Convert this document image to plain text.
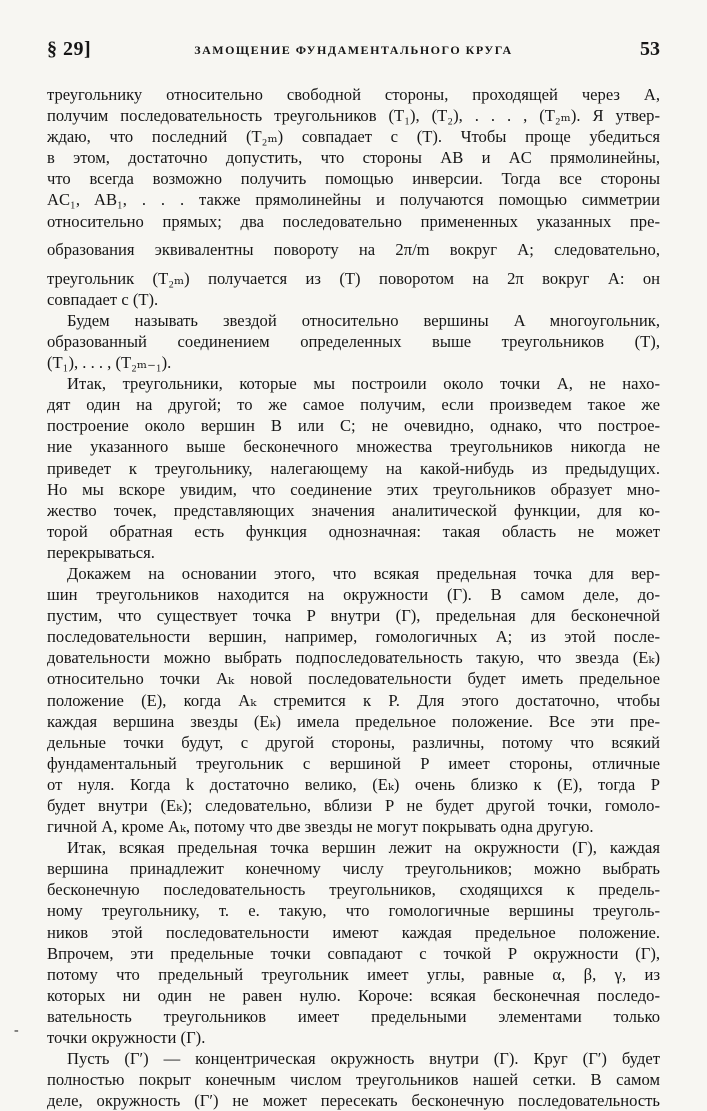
§ 29]	ЗАМОЩЕНИЕ ФУНДАМЕНТАЛЬНОГО КРУГА	53
треугольнику относительно свободной стороны, проходящей через A,
получим последовательность треугольников (T₁), (T₂), . . . , (T₂ₘ). Я утвер-
ждаю, что последний (T₂ₘ) совпадает с (T). Чтобы проще убедиться
в этом, достаточно допустить, что стороны AB и AC прямолинейны,
что всегда возможно получить помощью инверсии. Тогда все стороны
AC₁, AB₁, . . . также прямолинейны и получаются помощью симметрии
относительно прямых; два последовательно примененных указанных пре-
образования эквивалентны повороту на 2π/m вокруг A; следовательно,
треугольник (T₂ₘ) получается из (T) поворотом на 2π вокруг A: он
совпадает с (T).
Будем называть звездой относительно вершины A многоугольник,
образованный соединением определенных выше треугольников (T),
(T₁), . . . , (T₂ₘ₋₁).
Итак, треугольники, которые мы построили около точки A, не нахо-
дят один на другой; то же самое получим, если произведем такое же
построение около вершин B или C; не очевидно, однако, что построе-
ние указанного выше бесконечного множества треугольников никогда не
приведет к треугольнику, налегающему на какой-нибудь из предыдущих.
Но мы вскоре увидим, что соединение этих треугольников образует мно-
жество точек, представляющих значения аналитической функции, для ко-
торой обратная есть функция однозначная: такая область не может
перекрываться.
Докажем на основании этого, что всякая предельная точка для вер-
шин треугольников находится на окружности (Γ). В самом деле, до-
пустим, что существует точка P внутри (Γ), предельная для бесконечной
последовательности вершин, например, гомологичных A; из этой после-
довательности можно выбрать подпоследовательность такую, что звезда (Eₖ)
относительно точки Aₖ новой последовательности будет иметь предельное
положение (E), когда Aₖ стремится к P. Для этого достаточно, чтобы
каждая вершина звезды (Eₖ) имела предельное положение. Все эти пре-
дельные точки будут, с другой стороны, различны, потому что всякий
фундаментальный треугольник с вершиной P имеет стороны, отличные
от нуля. Когда k достаточно велико, (Eₖ) очень близко к (E), тогда P
будет внутри (Eₖ); следовательно, вблизи P не будет другой точки, гомоло-
гичной A, кроме Aₖ, потому что две звезды не могут покрывать одна другую.
Итак, всякая предельная точка вершин лежит на окружности (Γ), каждая
вершина принадлежит конечному числу треугольников; можно выбрать
бесконечную последовательность треугольников, сходящихся к предель-
ному треугольнику, т. е. такую, что гомологичные вершины треуголь-
ников этой последовательности имеют каждая предельное положение.
Впрочем, эти предельные точки совпадают с точкой P окружности (Γ),
потому что предельный треугольник имеет углы, равные α, β, γ, из
которых ни один не равен нулю. Короче: всякая бесконечная последо-
вательность треугольников имеет предельными элементами только
точки окружности (Γ).
Пусть (Γ′) — концентрическая окружность внутри (Γ). Круг (Γ′) будет
полностью покрыт конечным числом треугольников нашей сетки. В самом
деле, окружность (Γ′) не может пересекать бесконечную последовательность
-
